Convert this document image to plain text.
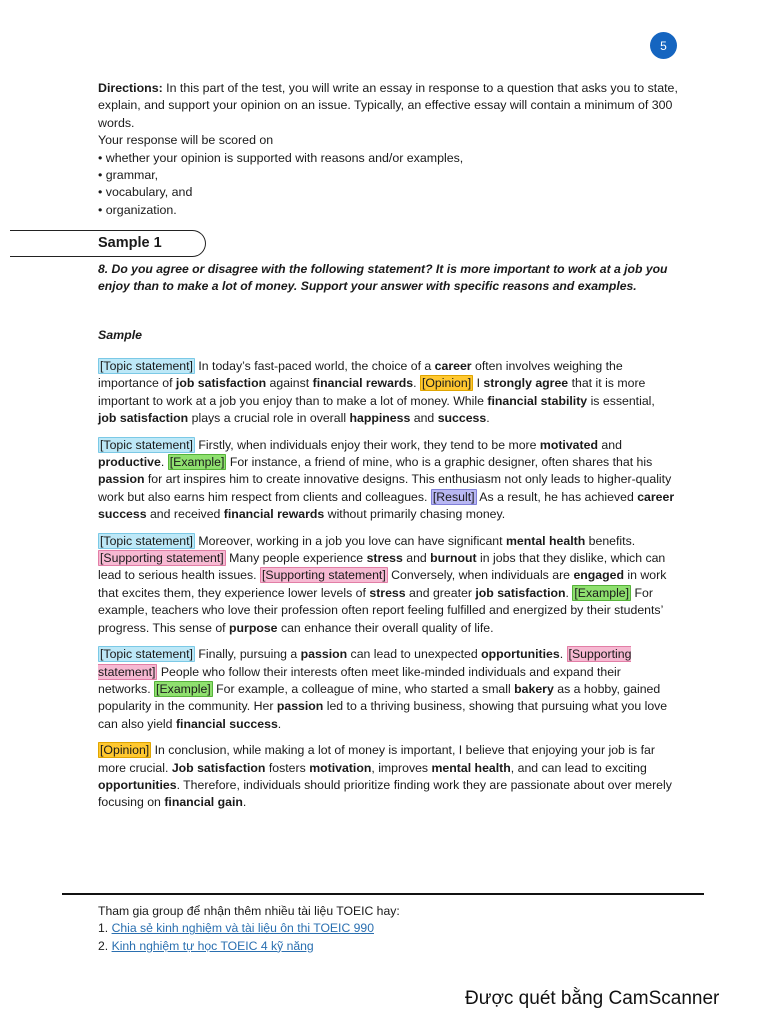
5

Directions: In this part of the test, you will write an essay in response to a question that asks you to state, explain, and support your opinion on an issue. Typically, an effective essay will contain a minimum of 300 words.

Your response will be scored on

• whether your opinion is supported with reasons and/or examples,

• grammar,

• vocabulary, and

• organization.

Sample 1
8. Do you agree or disagree with the following statement? It is more important to work at a job you enjoy than to make a lot of money. Support your answer with specific reasons and examples.
Sample

[Topic statement] In today’s fast-paced world, the choice of a career often involves weighing the importance of job satisfaction against financial rewards. [Opinion] I strongly agree that it is more important to work at a job you enjoy than to make a lot of money. While financial stability is essential, job satisfaction plays a crucial role in overall happiness and success.

[Topic statement] Firstly, when individuals enjoy their work, they tend to be more motivated and productive. [Example] For instance, a friend of mine, who is a graphic designer, often shares that his passion for art inspires him to create innovative designs. This enthusiasm not only leads to higher-quality work but also earns him respect from clients and colleagues. [Result] As a result, he has achieved career success and received financial rewards without primarily chasing money.

[Topic statement] Moreover, working in a job you love can have significant mental health benefits. [Supporting statement] Many people experience stress and burnout in jobs that they dislike, which can lead to serious health issues. [Supporting statement] Conversely, when individuals are engaged in work that excites them, they experience lower levels of stress and greater job satisfaction. [Example] For example, teachers who love their profession often report feeling fulfilled and energized by their students’ progress. This sense of purpose can enhance their overall quality of life.

[Topic statement] Finally, pursuing a passion can lead to unexpected opportunities. [Supporting statement] People who follow their interests often meet like-minded individuals and expand their networks. [Example] For example, a colleague of mine, who started a small bakery as a hobby, gained popularity in the community. Her passion led to a thriving business, showing that pursuing what you love can also yield financial success.

[Opinion] In conclusion, while making a lot of money is important, I believe that enjoying your job is far more crucial. Job satisfaction fosters motivation, improves mental health, and can lead to exciting opportunities. Therefore, individuals should prioritize finding work they are passionate about over merely focusing on financial gain.

Tham gia group để nhận thêm nhiều tài liệu TOEIC hay:
1. Chia sẻ kinh nghiệm và tài liệu ôn thi TOEIC 990
2. Kinh nghiệm tự học TOEIC 4 kỹ năng
Được quét bằng CamScanner
